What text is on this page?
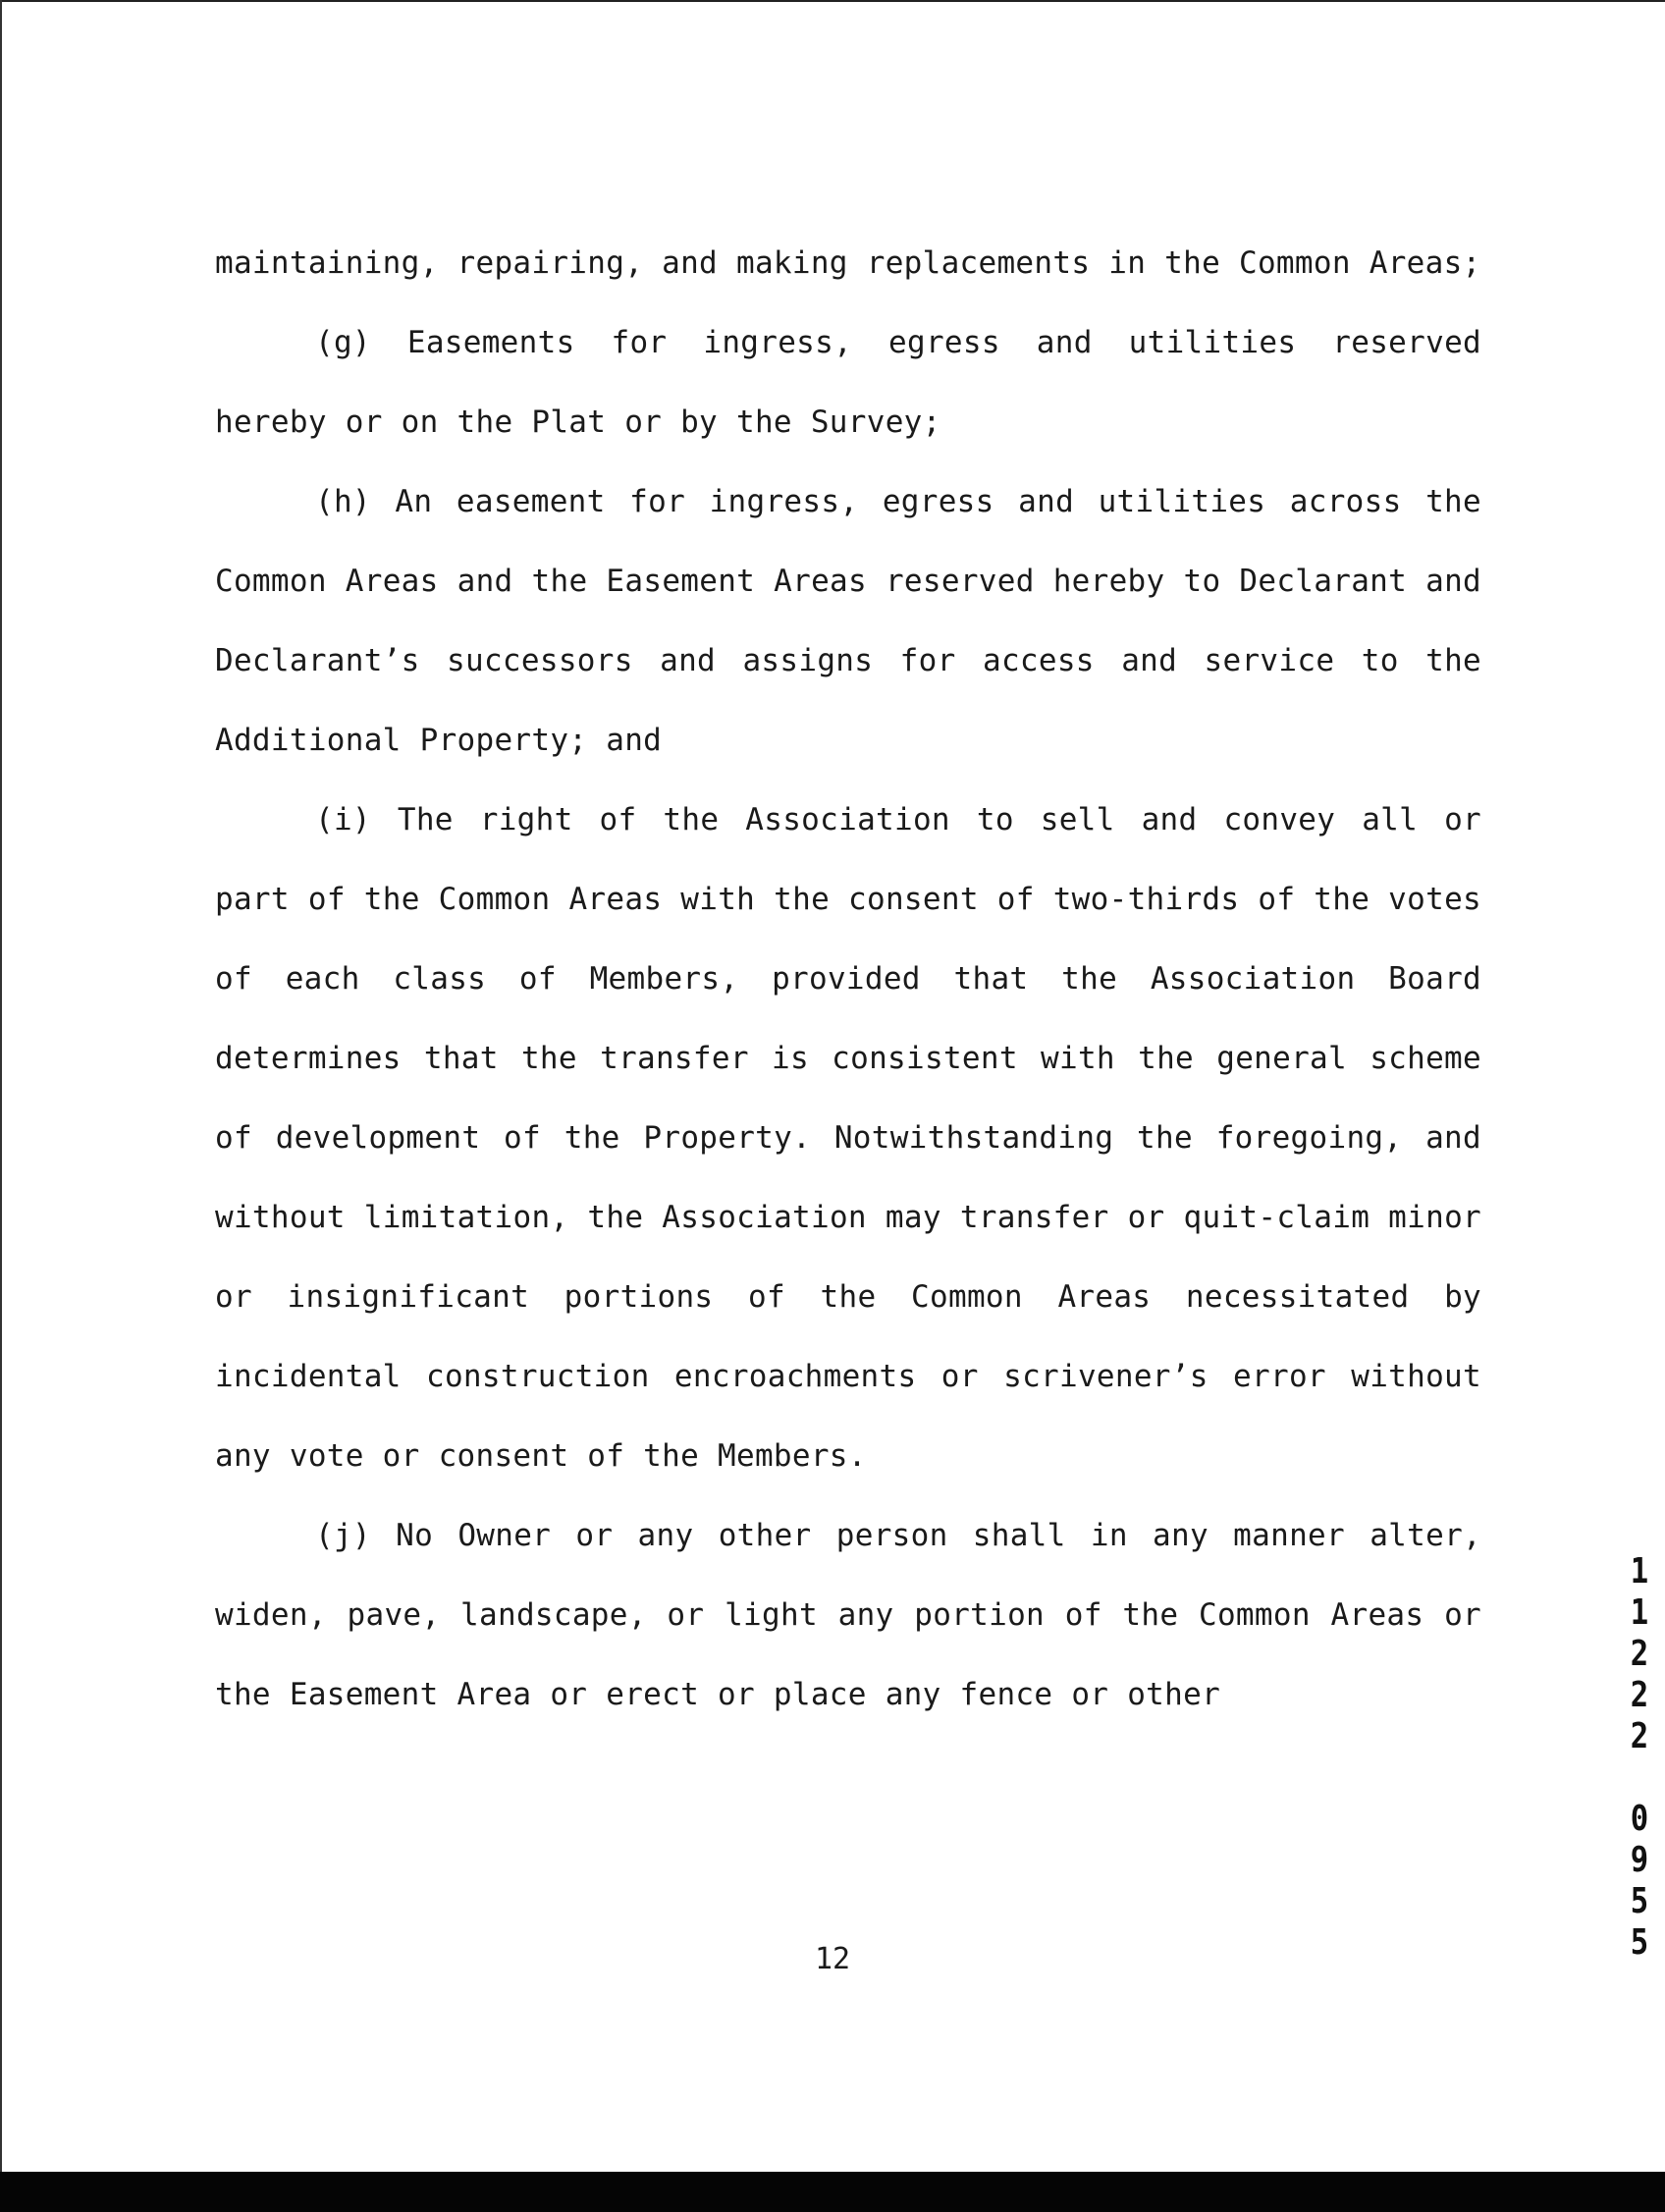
maintaining, repairing, and making replacements in the Common Areas;

(g) Easements for ingress, egress and utilities reserved hereby or on the Plat or by the Survey;

(h) An easement for ingress, egress and utilities across the Common Areas and the Easement Areas reserved hereby to Declarant and Declarant’s successors and assigns for access and service to the Additional Property; and

(i) The right of the Association to sell and convey all or part of the Common Areas with the consent of two-thirds of the votes of each class of Members, provided that the Association Board determines that the transfer is consistent with the general scheme of development of the Property. Notwithstanding the foregoing, and without limitation, the Association may transfer or quit-claim minor or insignificant portions of the Common Areas necessitated by incidental construction encroachments or scrivener’s error without any vote or consent of the Members.

(j) No Owner or any other person shall in any manner alter, widen, pave, landscape, or light any portion of the Common Areas or the Easement Area or erect or place any fence or other

1
1
2
2
2
0
9
5
5
12
